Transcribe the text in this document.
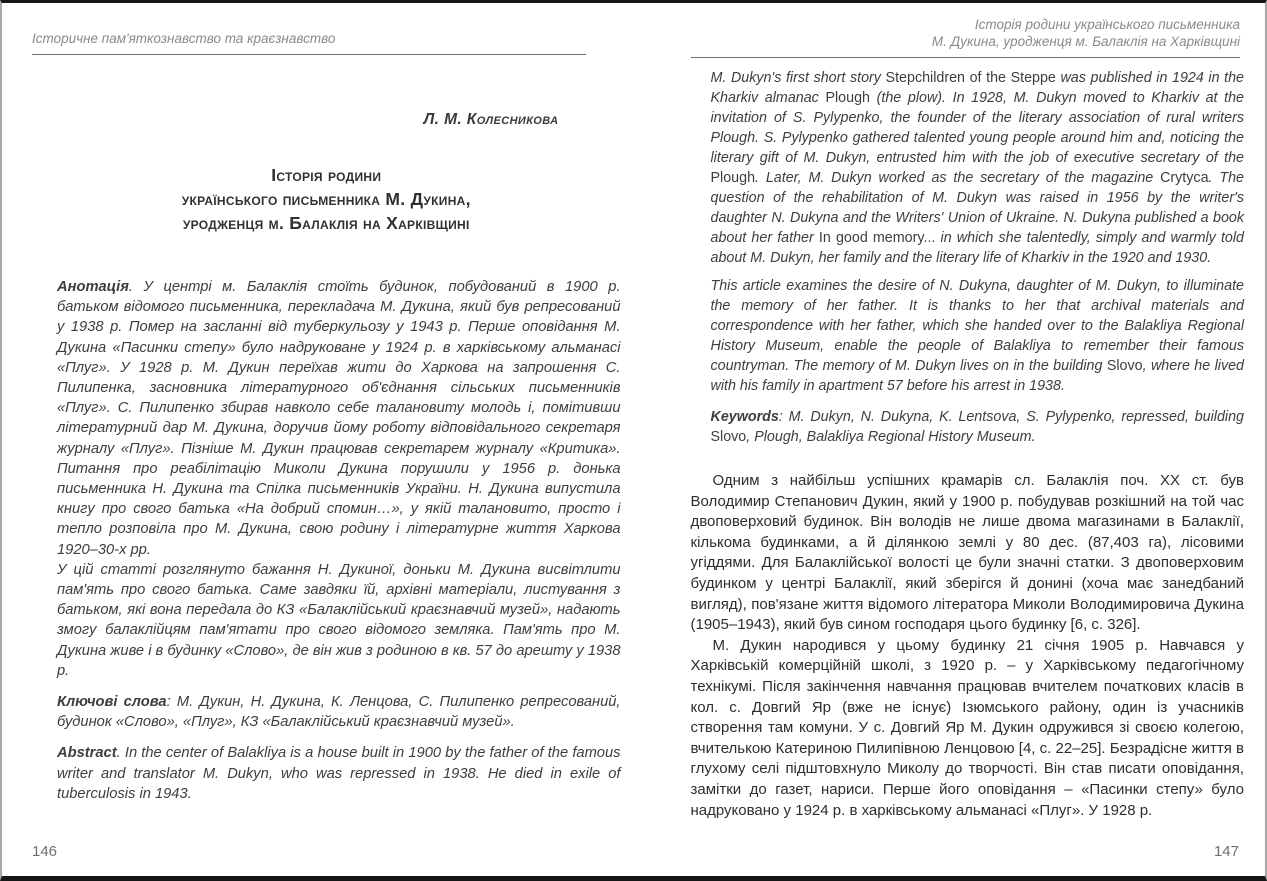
Історичне пам'яткознавство та краєзнавство
Л. М. Колесникова
Історія родини
українського письменника М. Дукина,
уродженця м. Балаклія на Харківщині

Анотація. У центрі м. Балаклія стоїть будинок, побудований в 1900 р. батьком відомого письменника, перекладача М. Дукина, який був репресований у 1938 р. Помер на засланні від туберкульозу у 1943 р. Перше оповідання М. Дукина «Пасинки степу» було надруковане у 1924 р. в харківському альманасі «Плуг». У 1928 р. М. Дукин переїхав жити до Харкова на запрошення С. Пилипенка, засновника літературного об'єднання сільських письменників «Плуг». С. Пилипенко збирав навколо себе талановиту молодь і, помітивши літературний дар М. Дукина, доручив йому роботу відповідального секретаря журналу «Плуг». Пізніше М. Дукин працював секретарем журналу «Критика». Питання про реабілітацію Миколи Дукина порушили у 1956 р. донька письменника Н. Дукина та Спілка письменників України. Н. Дукина випустила книгу про свого батька «На добрий спомин…», у якій талановито, просто і тепло розповіла про М. Дукина, свою родину і літературне життя Харкова 1920–30-х рр.

У цій статті розглянуто бажання Н. Дукиної, доньки М. Дукина висвітлити пам'ять про свого батька. Саме завдяки їй, архівні матеріали, листування з батьком, які вона передала до КЗ «Балаклійський краєзнавчий музей», надають змогу балаклійцям пам'ятати про свого відомого земляка. Пам'ять про М. Дукина живе і в будинку «Слово», де він жив з родиною в кв. 57 до арешту у 1938 р.

Ключові слова: М. Дукин, Н. Дукина, К. Ленцова, С. Пилипенко репресований, будинок «Слово», «Плуг», КЗ «Балаклійський краєзнавчий музей».

Abstract. In the center of Balakliya is a house built in 1900 by the father of the famous writer and translator M. Dukyn, who was repressed in 1938. He died in exile of tuberculosis in 1943.

146
Історія родини українського письменника
М. Дукина, уродженця м. Балаклія на Харківщині

M. Dukyn's first short story Stepchildren of the Steppe was published in 1924 in the Kharkiv almanac Plough (the plow). In 1928, M. Dukyn moved to Kharkiv at the invitation of S. Pylypenko, the founder of the literary association of rural writers Plough. S. Pylypenko gathered talented young people around him and, noticing the literary gift of M. Dukyn, entrusted him with the job of executive secretary of the Plough. Later, M. Dukyn worked as the secretary of the magazine Crytyca. The question of the rehabilitation of M. Dukyn was raised in 1956 by the writer's daughter N. Dukyna and the Writers' Union of Ukraine. N. Dukyna published a book about her father In good memory... in which she talentedly, simply and warmly told about M. Dukyn, her family and the literary life of Kharkiv in the 1920 and 1930.

This article examines the desire of N. Dukyna, daughter of M. Dukyn, to illuminate the memory of her father. It is thanks to her that archival materials and correspondence with her father, which she handed over to the Balakliya Regional History Museum, enable the people of Balakliya to remember their famous countryman. The memory of M. Dukyn lives on in the building Slovo, where he lived with his family in apartment 57 before his arrest in 1938.

Keywords: M. Dukyn, N. Dukyna, K. Lentsova, S. Pylypenko, repressed, building Slovo, Plough, Balakliya Regional History Museum.

Одним з найбільш успішних крамарів сл. Балаклія поч. ХХ ст. був Володимир Степанович Дукин, який у 1900 р. побудував розкішний на той час двоповерховий будинок. Він володів не лише двома магазинами в Балаклії, кількома будинками, а й ділянкою землі у 80 дес. (87,403 га), лісовими угіддями. Для Балаклійської волості це були значні статки. З двоповерховим будинком у центрі Балаклії, який зберігся й донині (хоча має занедбаний вигляд), пов'язане життя відомого літератора Миколи Володимировича Дукина (1905–1943), який був сином господаря цього будинку [6, с. 326].

М. Дукин народився у цьому будинку 21 січня 1905 р. Навчався у Харківській комерційній школі, з 1920 р. – у Харківському педагогічному технікумі. Після закінчення навчання працював вчителем початкових класів в кол. с. Довгий Яр (вже не існує) Ізюмського району, один із учасників створення там комуни. У с. Довгий Яр М. Дукин одружився зі своєю колегою, вчителькою Катериною Пилипівною Ленцовою [4, с. 22–25]. Безрадісне життя в глухому селі підштовхнуло Миколу до творчості. Він став писати оповідання, замітки до газет, нариси. Перше його оповідання – «Пасинки степу» було надруковано у 1924 р. в харківському альманасі «Плуг». У 1928 р.

147
